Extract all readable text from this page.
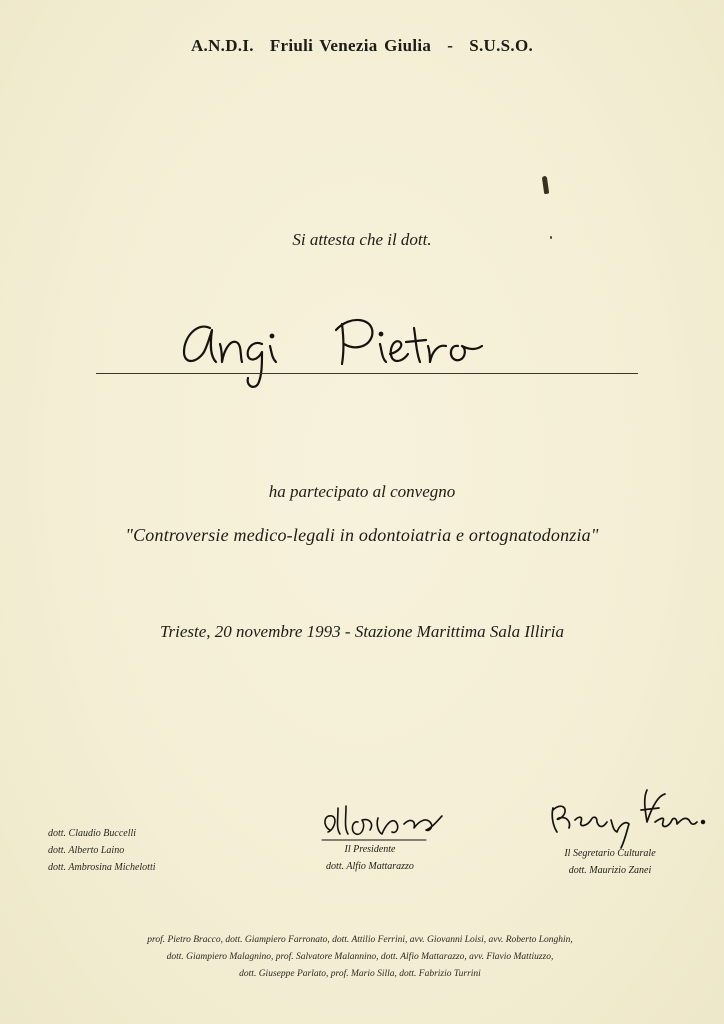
A.N.D.I. Friuli Venezia Giulia - S.U.S.O.
Si attesta che il dott.
ha partecipato al convegno
"Controversie medico-legali in odontoiatria e ortognatodonzia"
Trieste, 20 novembre 1993 - Stazione Marittima Sala Illiria
dott. Claudio Buccelli
dott. Alberto Laino
dott. Ambrosina Michelotti
Il Presidente
dott. Alfio Mattarazzo
Il Segretario Culturale
dott. Maurizio Zanei
prof. Pietro Bracco, dott. Giampiero Farronato, dott. Attilio Ferrini, avv. Giovanni Loisi, avv. Roberto Longhin,
dott. Giampiero Malagnino, prof. Salvatore Malannino, dott. Alfio Mattarazzo, avv. Flavio Mattiuzzo,
dott. Giuseppe Parlato, prof. Mario Silla, dott. Fabrizio Turrini
